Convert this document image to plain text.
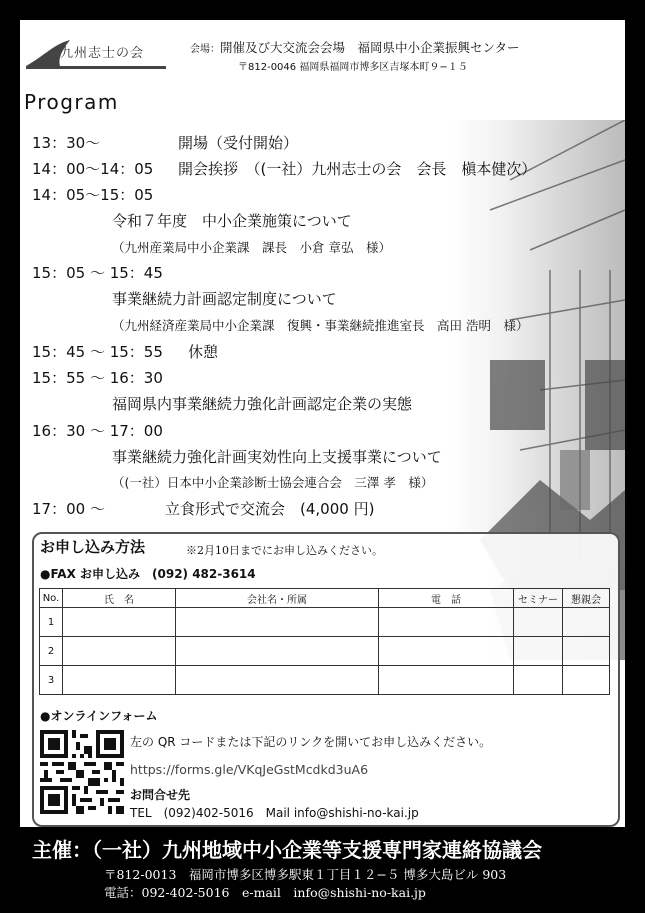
九州志士の会	会場：開催及び大交流会会場　福岡県中小企業振興センター
〒812-0046 福岡県福岡市博多区吉塚本町９−１５
Program
13：30〜	開場（受付開始）
14：00〜14：05 開会挨拶　（(一社）九州志士の会　会長　槇本健次）
14：05〜15：05
令和７年度　中小企業施策について
（九州産業局中小企業課　課長　小倉 章弘　様）
15：05 〜 15：45
事業継続力計画認定制度について
（九州経済産業局中小企業課　復興・事業継続推進室長　高田 浩明　様）
15：45 〜 15：55 休憩
15：55 〜 16：30
福岡県内事業継続力強化計画認定企業の実態
16：30 〜 17：00
事業継続力強化計画実効性向上支援事業について
（(一社）日本中小企業診断士協会連合会　三澤 孝　様）
17：00 〜	立食形式で交流会　(4,000 円)
お申し込み方法	※2月10日までにお申し込みください。
●FAX お申し込み　(092) 482-3614
No.	氏　名	会社名・所属	電　話	セミナー	懇親会
1					
2					
3					
●オンラインフォーム
左の QR コードまたは下記のリンクを開いてお申し込みください。
https://forms.gle/VKqJeGstMcdkd3uA6
お問合せ先
TEL　(092)402-5016　Mail info@shishi-no-kai.jp
主催：（一社）九州地域中小企業等支援専門家連絡協議会
〒812-0013　福岡市博多区博多駅東１丁目１２−５ 博多大島ビル 903
電話：092-402-5016　e-mail　info@shishi-no-kai.jp
